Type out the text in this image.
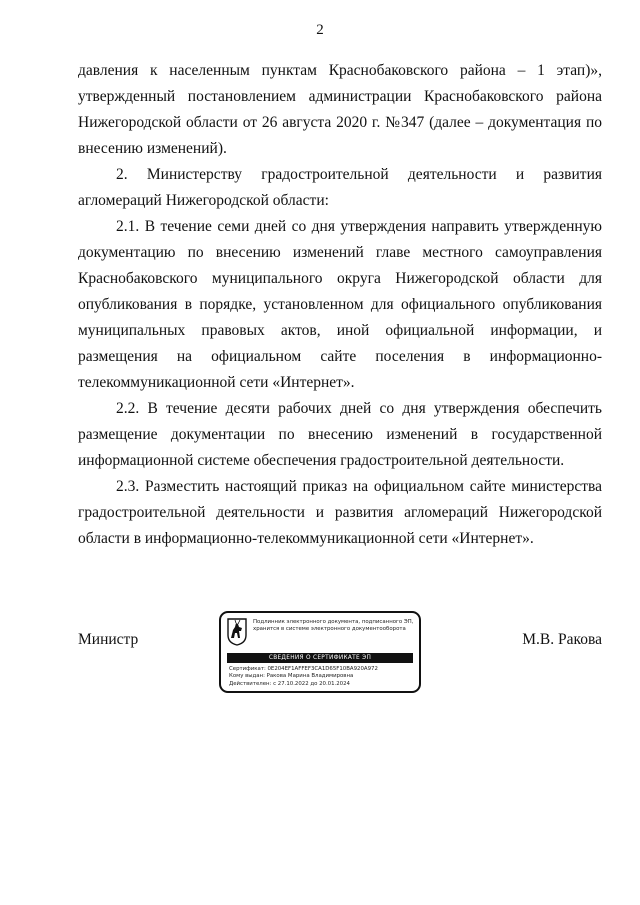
2

давления к населенным пунктам Краснобаковского района – 1 этап)», утвержденный постановлением администрации Краснобаковского района Нижегородской области от 26 августа 2020 г. №347 (далее – документация по внесению изменений).

2. Министерству градостроительной деятельности и развития агломераций Нижегородской области:

2.1. В течение семи дней со дня утверждения направить утвержденную документацию по внесению изменений главе местного самоуправления Краснобаковского муниципального округа Нижегородской области для опубликования в порядке, установленном для официального опубликования муниципальных правовых актов, иной официальной информации, и размещения на официальном сайте поселения в информационно-телекоммуникационной сети «Интернет».

2.2. В течение десяти рабочих дней со дня утверждения обеспечить размещение документации по внесению изменений в государственной информационной системе обеспечения градостроительной деятельности.

2.3. Разместить настоящий приказ на официальном сайте министерства градостроительной деятельности и развития агломераций Нижегородской области в информационно-телекоммуникационной сети «Интернет».

Министр
Подлинник электронного документа, подписанного ЭП, хранится в системе электронного документооборота
СВЕДЕНИЯ О СЕРТИФИКАТЕ ЭП
Сертификат: 0E204EF1AFFEF3CA1D65F10BA920A972
Кому выдан: Ракова Марина Владимировна
Действителен: с 27.10.2022 до 20.01.2024
М.В. Ракова
